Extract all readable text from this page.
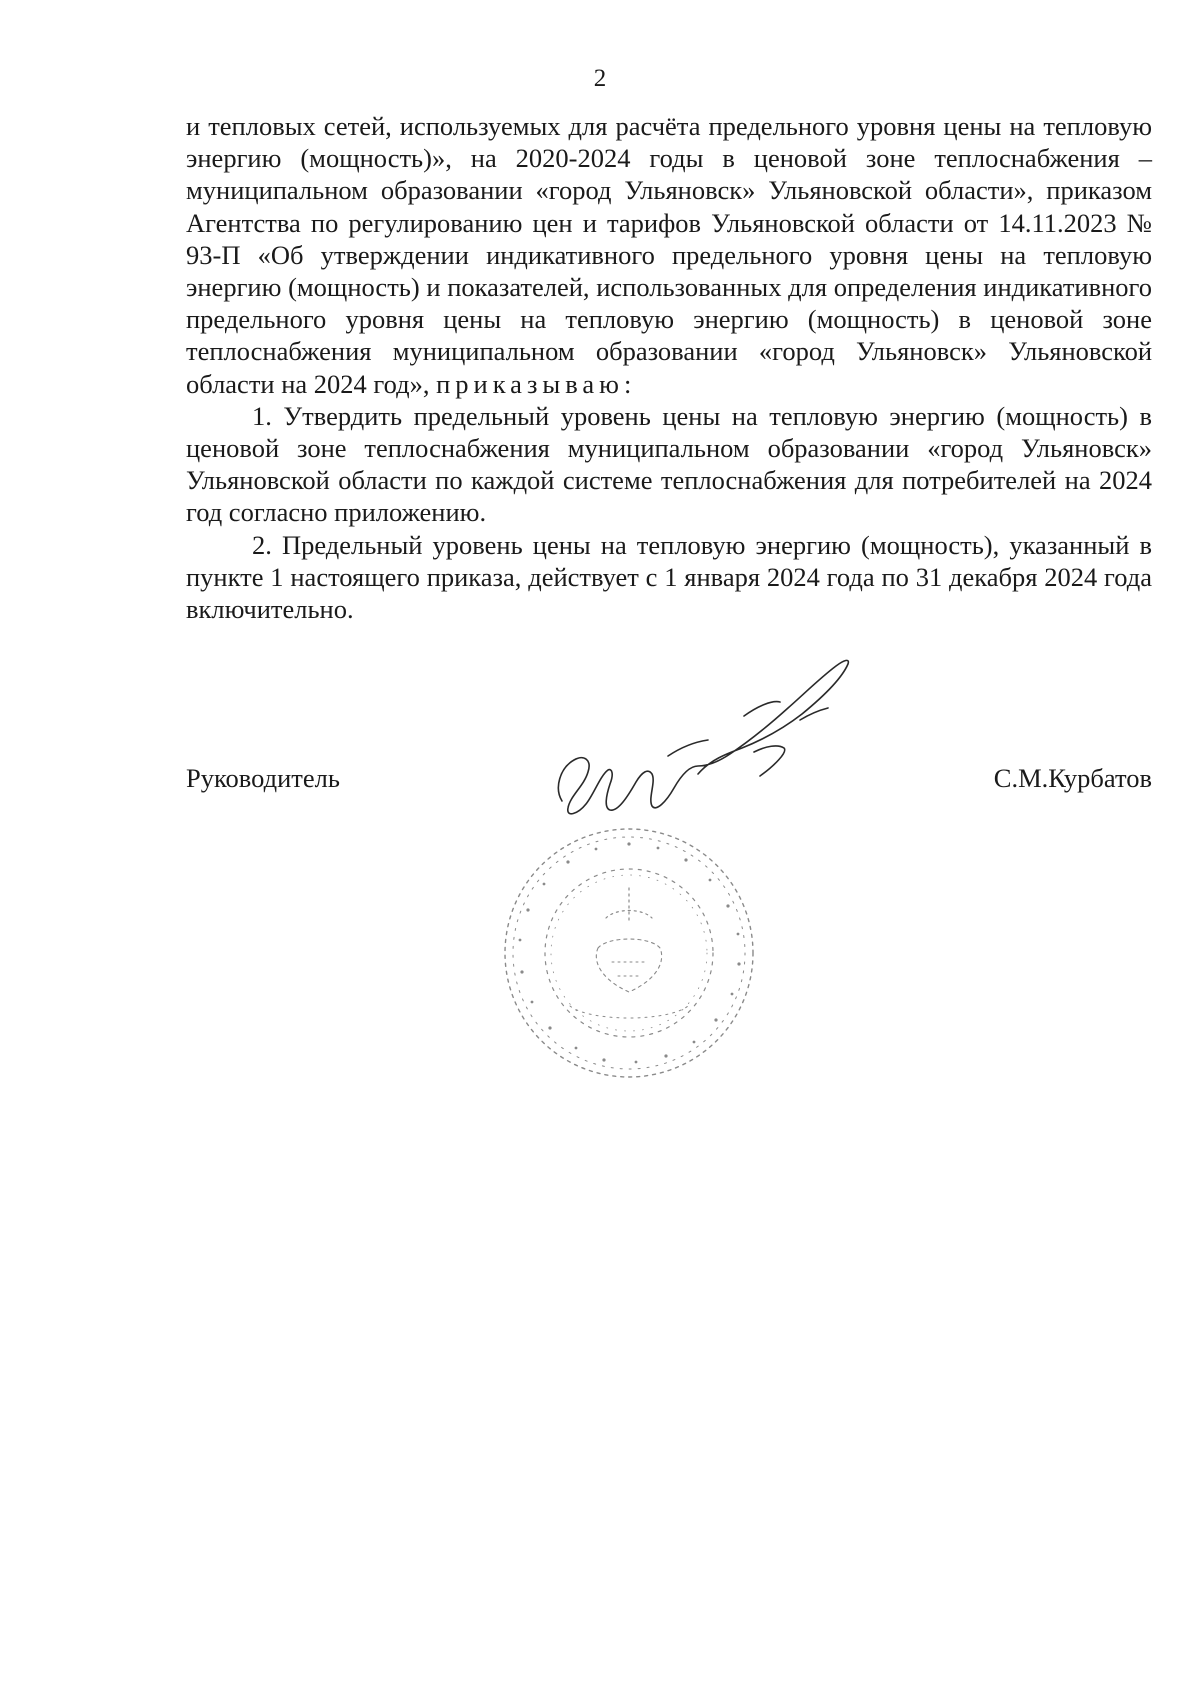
2

и тепловых сетей, используемых для расчёта предельного уровня цены на тепловую энергию (мощность)», на 2020-2024 годы в ценовой зоне теплоснабжения – муниципальном образовании «город Ульяновск» Ульяновской области», приказом Агентства по регулированию цен и тарифов Ульяновской области от 14.11.2023 № 93-П «Об утверждении индикативного предельного уровня цены на тепловую энергию (мощность) и показателей, использованных для определения индикативного предельного уровня цены на тепловую энергию (мощность) в ценовой зоне теплоснабжения муниципальном образовании «город Ульяновск» Ульяновской области на 2024 год», приказываю:

1. Утвердить предельный уровень цены на тепловую энергию (мощность) в ценовой зоне теплоснабжения муниципальном образовании «город Ульяновск» Ульяновской области по каждой системе теплоснабжения для потребителей на 2024 год согласно приложению.

2. Предельный уровень цены на тепловую энергию (мощность), указанный в пункте 1 настоящего приказа, действует с 1 января 2024 года по 31 декабря 2024 года включительно.

Руководитель	С.М.Курбатов
